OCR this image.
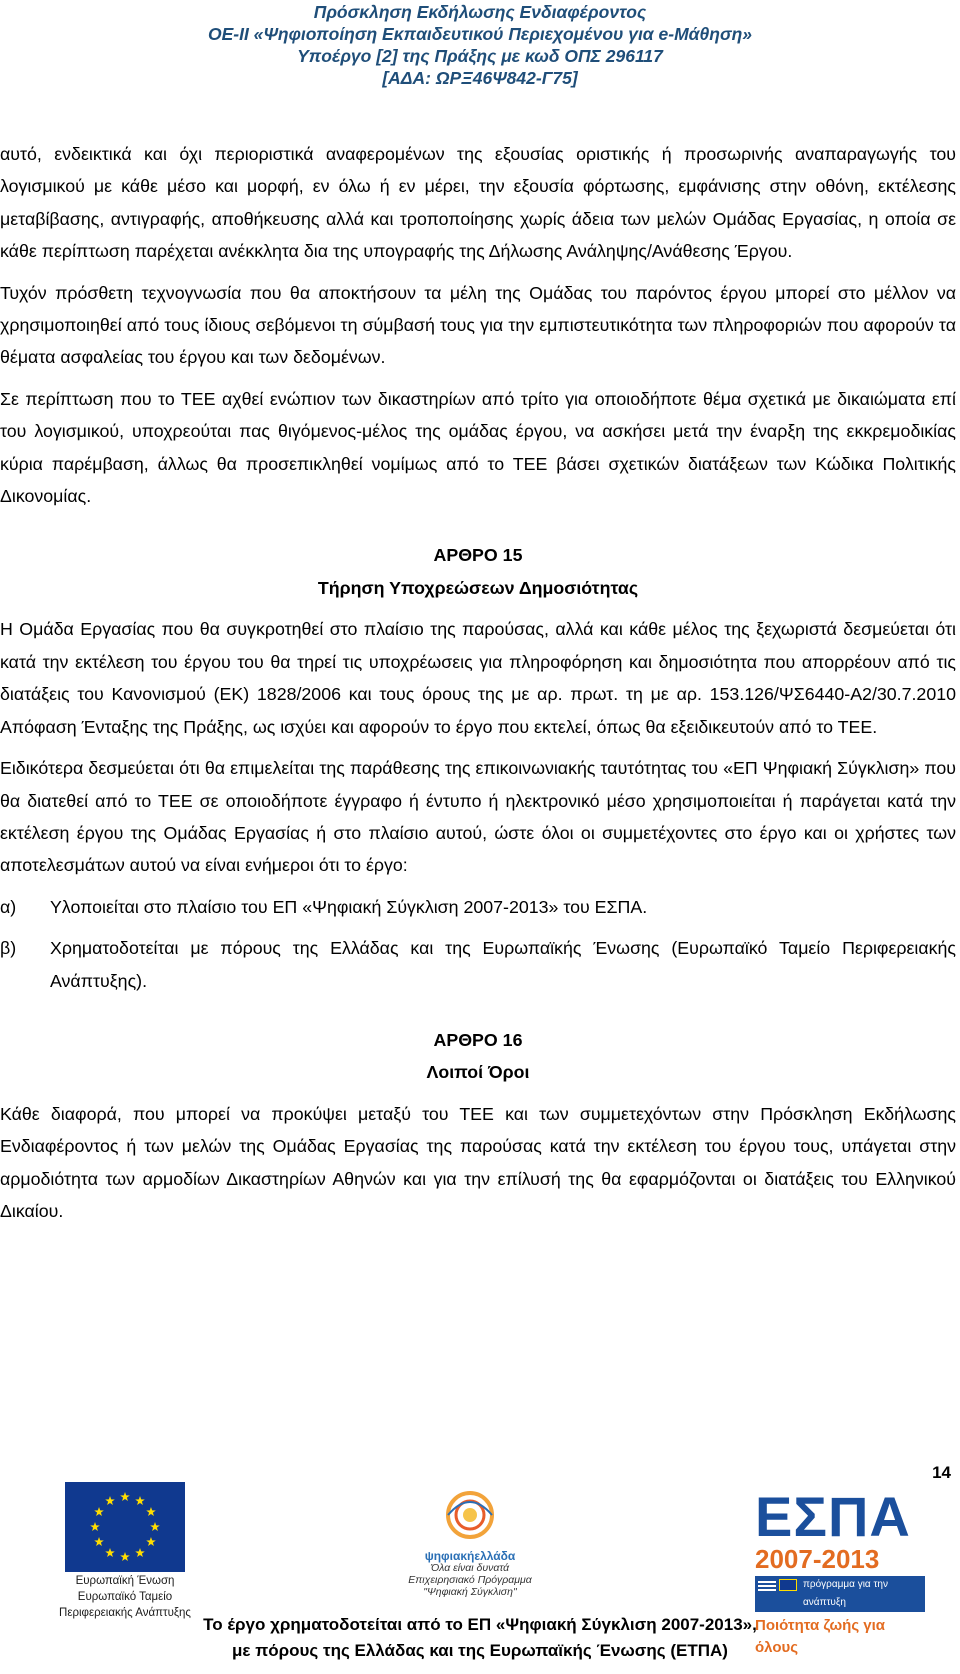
Πρόσκληση Εκδήλωσης Ενδιαφέροντος
ΟΕ-ΙΙ «Ψηφιοποίηση Εκπαιδευτικού Περιεχομένου για e-Μάθηση»
Υποέργο [2] της Πράξης με κωδ ΟΠΣ 296117
[ΑΔΑ: ΩΡΞ46Ψ842-Γ75]

αυτό, ενδεικτικά και όχι περιοριστικά αναφερομένων της εξουσίας οριστικής ή προσωρινής αναπαραγωγής του λογισμικού με κάθε μέσο και μορφή, εν όλω ή εν μέρει, την εξουσία φόρτωσης, εμφάνισης στην οθόνη, εκτέλεσης μεταβίβασης, αντιγραφής, αποθήκευσης αλλά και τροποποίησης χωρίς άδεια των μελών Ομάδας Εργασίας, η οποία σε κάθε περίπτωση παρέχεται ανέκκλητα δια της υπογραφής της Δήλωσης Ανάληψης/Ανάθεσης Έργου.

Τυχόν πρόσθετη τεχνογνωσία που θα αποκτήσουν τα μέλη της Ομάδας του παρόντος έργου μπορεί στο μέλλον να χρησιμοποιηθεί από τους ίδιους σεβόμενοι τη σύμβασή τους για την εμπιστευτικότητα των πληροφοριών που αφορούν τα θέματα ασφαλείας του έργου και των δεδομένων.

Σε περίπτωση που το ΤΕΕ αχθεί ενώπιον των δικαστηρίων από τρίτο για οποιοδήποτε θέμα σχετικά με δικαιώματα επί του λογισμικού, υποχρεούται πας θιγόμενος-μέλος της ομάδας έργου, να ασκήσει μετά την έναρξη της εκκρεμοδικίας κύρια παρέμβαση, άλλως θα προσεπικληθεί νομίμως από το ΤΕΕ βάσει σχετικών διατάξεων των Κώδικα Πολιτικής Δικονομίας.

ΑΡΘΡΟ 15

Τήρηση Υποχρεώσεων Δημοσιότητας

Η Ομάδα Εργασίας που θα συγκροτηθεί στο πλαίσιο της παρούσας, αλλά και κάθε μέλος της ξεχωριστά δεσμεύεται ότι κατά την εκτέλεση του έργου του θα τηρεί τις υποχρέωσεις για πληροφόρηση και δημοσιότητα που απορρέουν από τις διατάξεις του Κανονισμού (ΕΚ) 1828/2006 και τους όρους της με αρ. πρωτ. τη με αρ. 153.126/ΨΣ6440-Α2/30.7.2010 Απόφαση Ένταξης της Πράξης, ως ισχύει και αφορούν το έργο που εκτελεί, όπως θα εξειδικευτούν από το ΤΕΕ.

Ειδικότερα δεσμεύεται ότι θα επιμελείται της παράθεσης της επικοινωνιακής ταυτότητας του «ΕΠ Ψηφιακή Σύγκλιση» που θα διατεθεί από το ΤΕΕ σε οποιοδήποτε έγγραφο ή έντυπο ή ηλεκτρονικό μέσο χρησιμοποιείται ή παράγεται κατά την εκτέλεση έργου της Ομάδας Εργασίας ή στο πλαίσιο αυτού, ώστε όλοι οι συμμετέχοντες στο έργο και οι χρήστες των αποτελεσμάτων αυτού να είναι ενήμεροι ότι το έργο:

α)	Υλοποιείται στο πλαίσιο του ΕΠ «Ψηφιακή Σύγκλιση 2007-2013» του ΕΣΠΑ.
β)	Χρηματοδοτείται με πόρους της Ελλάδας και της Ευρωπαϊκής Ένωσης (Ευρωπαϊκό Ταμείο Περιφερειακής Ανάπτυξης).

ΑΡΘΡΟ 16

Λοιποί Όροι

Κάθε διαφορά, που μπορεί να προκύψει μεταξύ του ΤΕΕ και των συμμετεχόντων στην Πρόσκληση Εκδήλωσης Ενδιαφέροντος ή των μελών της Ομάδας Εργασίας της παρούσας κατά την εκτέλεση του έργου τους, υπάγεται στην αρμοδιότητα των αρμοδίων Δικαστηρίων Αθηνών και για την επίλυσή της θα εφαρμόζονται οι διατάξεις του Ελληνικού Δικαίου.

14
Ευρωπαϊκή Ένωση
Ευρωπαϊκό Ταμείο
Περιφερειακής Ανάπτυξης
ψηφιακήελλάδα
Όλα είναι δυνατά
Επιχειρησιακό Πρόγραμμα
"Ψηφιακή Σύγκλιση"
ΕΣΠΑ
2007-2013
πρόγραμμα για την ανάπτυξη
Ποιότητα ζωής για όλους
Το έργο χρηματοδοτείται από το ΕΠ «Ψηφιακή Σύγκλιση 2007-2013»,
με πόρους της Ελλάδας και της Ευρωπαϊκής Ένωσης (ΕΤΠΑ)
